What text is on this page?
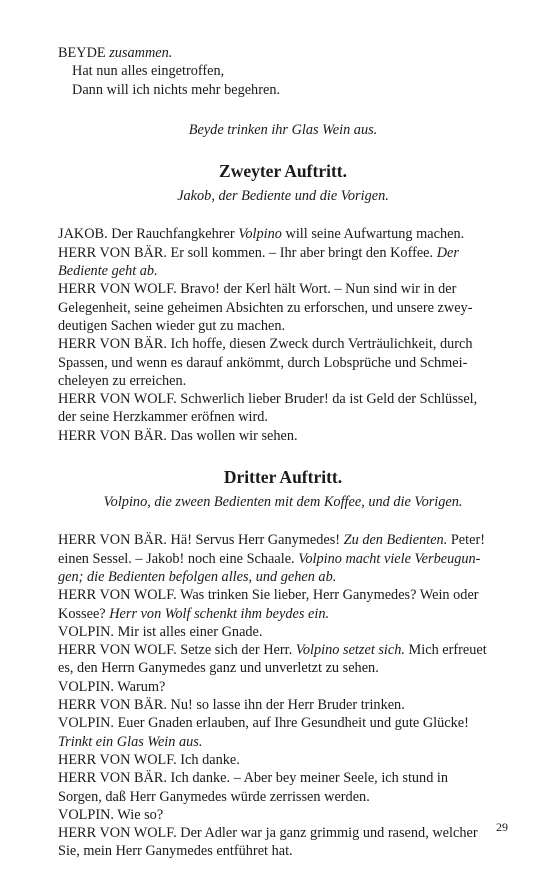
BEYDE zusammen.
Hat nun alles eingetroffen,
Dann will ich nichts mehr begehren.
Beyde trinken ihr Glas Wein aus.
Zweyter Auftritt.
Jakob, der Bediente und die Vorigen.
JAKOB. Der Rauchfangkehrer Volpino will seine Aufwartung machen.
HERR VON BÄR. Er soll kommen. – Ihr aber bringt den Koffee. Der
Bediente geht ab.
HERR VON WOLF. Bravo! der Kerl hält Wort. – Nun sind wir in der
Gelegenheit, seine geheimen Absichten zu erforschen, und unsere zwey-
deutigen Sachen wieder gut zu machen.
HERR VON BÄR. Ich hoffe, diesen Zweck durch Verträulichkeit, durch
Spassen, und wenn es darauf ankömmt, durch Lobsprüche und Schmei-
cheleyen zu erreichen.
HERR VON WOLF. Schwerlich lieber Bruder! da ist Geld der Schlüssel,
der seine Herzkammer eröfnen wird.
HERR VON BÄR. Das wollen wir sehen.
Dritter Auftritt.
Volpino, die zween Bedienten mit dem Koffee, und die Vorigen.
HERR VON BÄR. Hä! Servus Herr Ganymedes! Zu den Bedienten. Peter!
einen Sessel. – Jakob! noch eine Schaale. Volpino macht viele Verbeugun-
gen; die Bedienten befolgen alles, und gehen ab.
HERR VON WOLF. Was trinken Sie lieber, Herr Ganymedes? Wein oder
Kossee? Herr von Wolf schenkt ihm beydes ein.
VOLPIN. Mir ist alles einer Gnade.
HERR VON WOLF. Setze sich der Herr. Volpino setzet sich. Mich erfreuet
es, den Herrn Ganymedes ganz und unverletzt zu sehen.
VOLPIN. Warum?
HERR VON BÄR. Nu! so lasse ihn der Herr Bruder trinken.
VOLPIN. Euer Gnaden erlauben, auf Ihre Gesundheit und gute Glücke!
Trinkt ein Glas Wein aus.
HERR VON WOLF. Ich danke.
HERR VON BÄR. Ich danke. – Aber bey meiner Seele, ich stund in
Sorgen, daß Herr Ganymedes würde zerrissen werden.
VOLPIN. Wie so?
HERR VON WOLF. Der Adler war ja ganz grimmig und rasend, welcher
Sie, mein Herr Ganymedes entführet hat.
29
